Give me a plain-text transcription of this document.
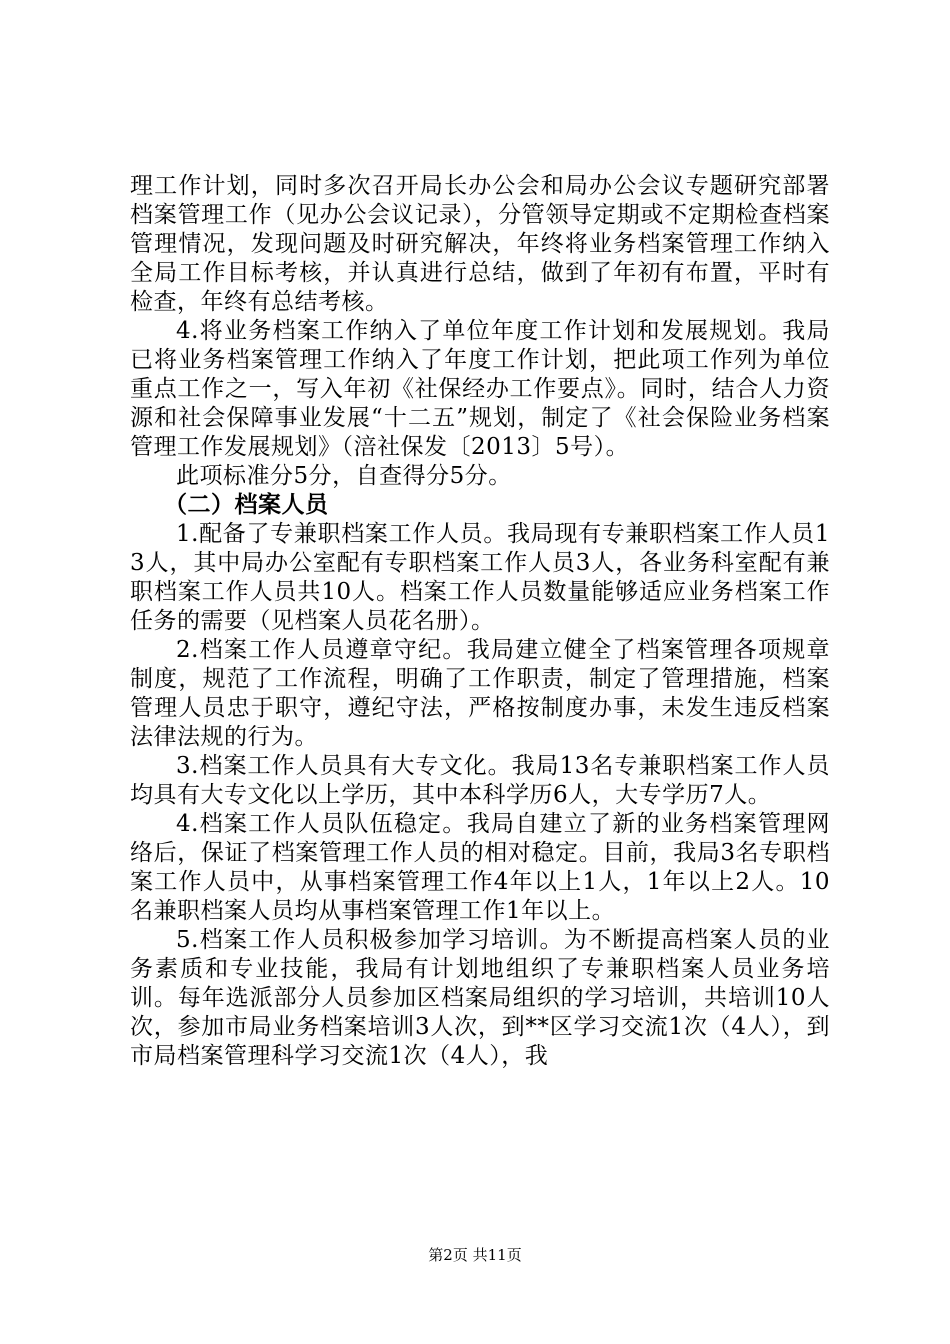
理工作计划，同时多次召开局长办公会和局办公会议专题研究部署档案管理工作（见办公会议记录），分管领导定期或不定期检查档案管理情况，发现问题及时研究解决，年终将业务档案管理工作纳入全局工作目标考核，并认真进行总结，做到了年初有布置，平时有检查，年终有总结考核。

4.将业务档案工作纳入了单位年度工作计划和发展规划。我局已将业务档案管理工作纳入了年度工作计划，把此项工作列为单位重点工作之一，写入年初《社保经办工作要点》。同时，结合人力资源和社会保障事业发展“十二五”规划，制定了《社会保险业务档案管理工作发展规划》（涪社保发〔2013〕5号）。

此项标准分5分，自查得分5分。

（二）档案人员

1.配备了专兼职档案工作人员。我局现有专兼职档案工作人员13人，其中局办公室配有专职档案工作人员3人，各业务科室配有兼职档案工作人员共10人。档案工作人员数量能够适应业务档案工作任务的需要（见档案人员花名册）。

2.档案工作人员遵章守纪。我局建立健全了档案管理各项规章制度，规范了工作流程，明确了工作职责，制定了管理措施，档案管理人员忠于职守，遵纪守法，严格按制度办事，未发生违反档案法律法规的行为。

3.档案工作人员具有大专文化。我局13名专兼职档案工作人员均具有大专文化以上学历，其中本科学历6人，大专学历7人。

4.档案工作人员队伍稳定。我局自建立了新的业务档案管理网络后，保证了档案管理工作人员的相对稳定。目前，我局3名专职档案工作人员中，从事档案管理工作4年以上1人，1年以上2人。10名兼职档案人员均从事档案管理工作1年以上。

5.档案工作人员积极参加学习培训。为不断提高档案人员的业务素质和专业技能，我局有计划地组织了专兼职档案人员业务培训。每年选派部分人员参加区档案局组织的学习培训，共培训10人次，参加市局业务档案培训3人次，到**区学习交流1次（4人），到市局档案管理科学习交流1次（4人），我

第2页 共11页
